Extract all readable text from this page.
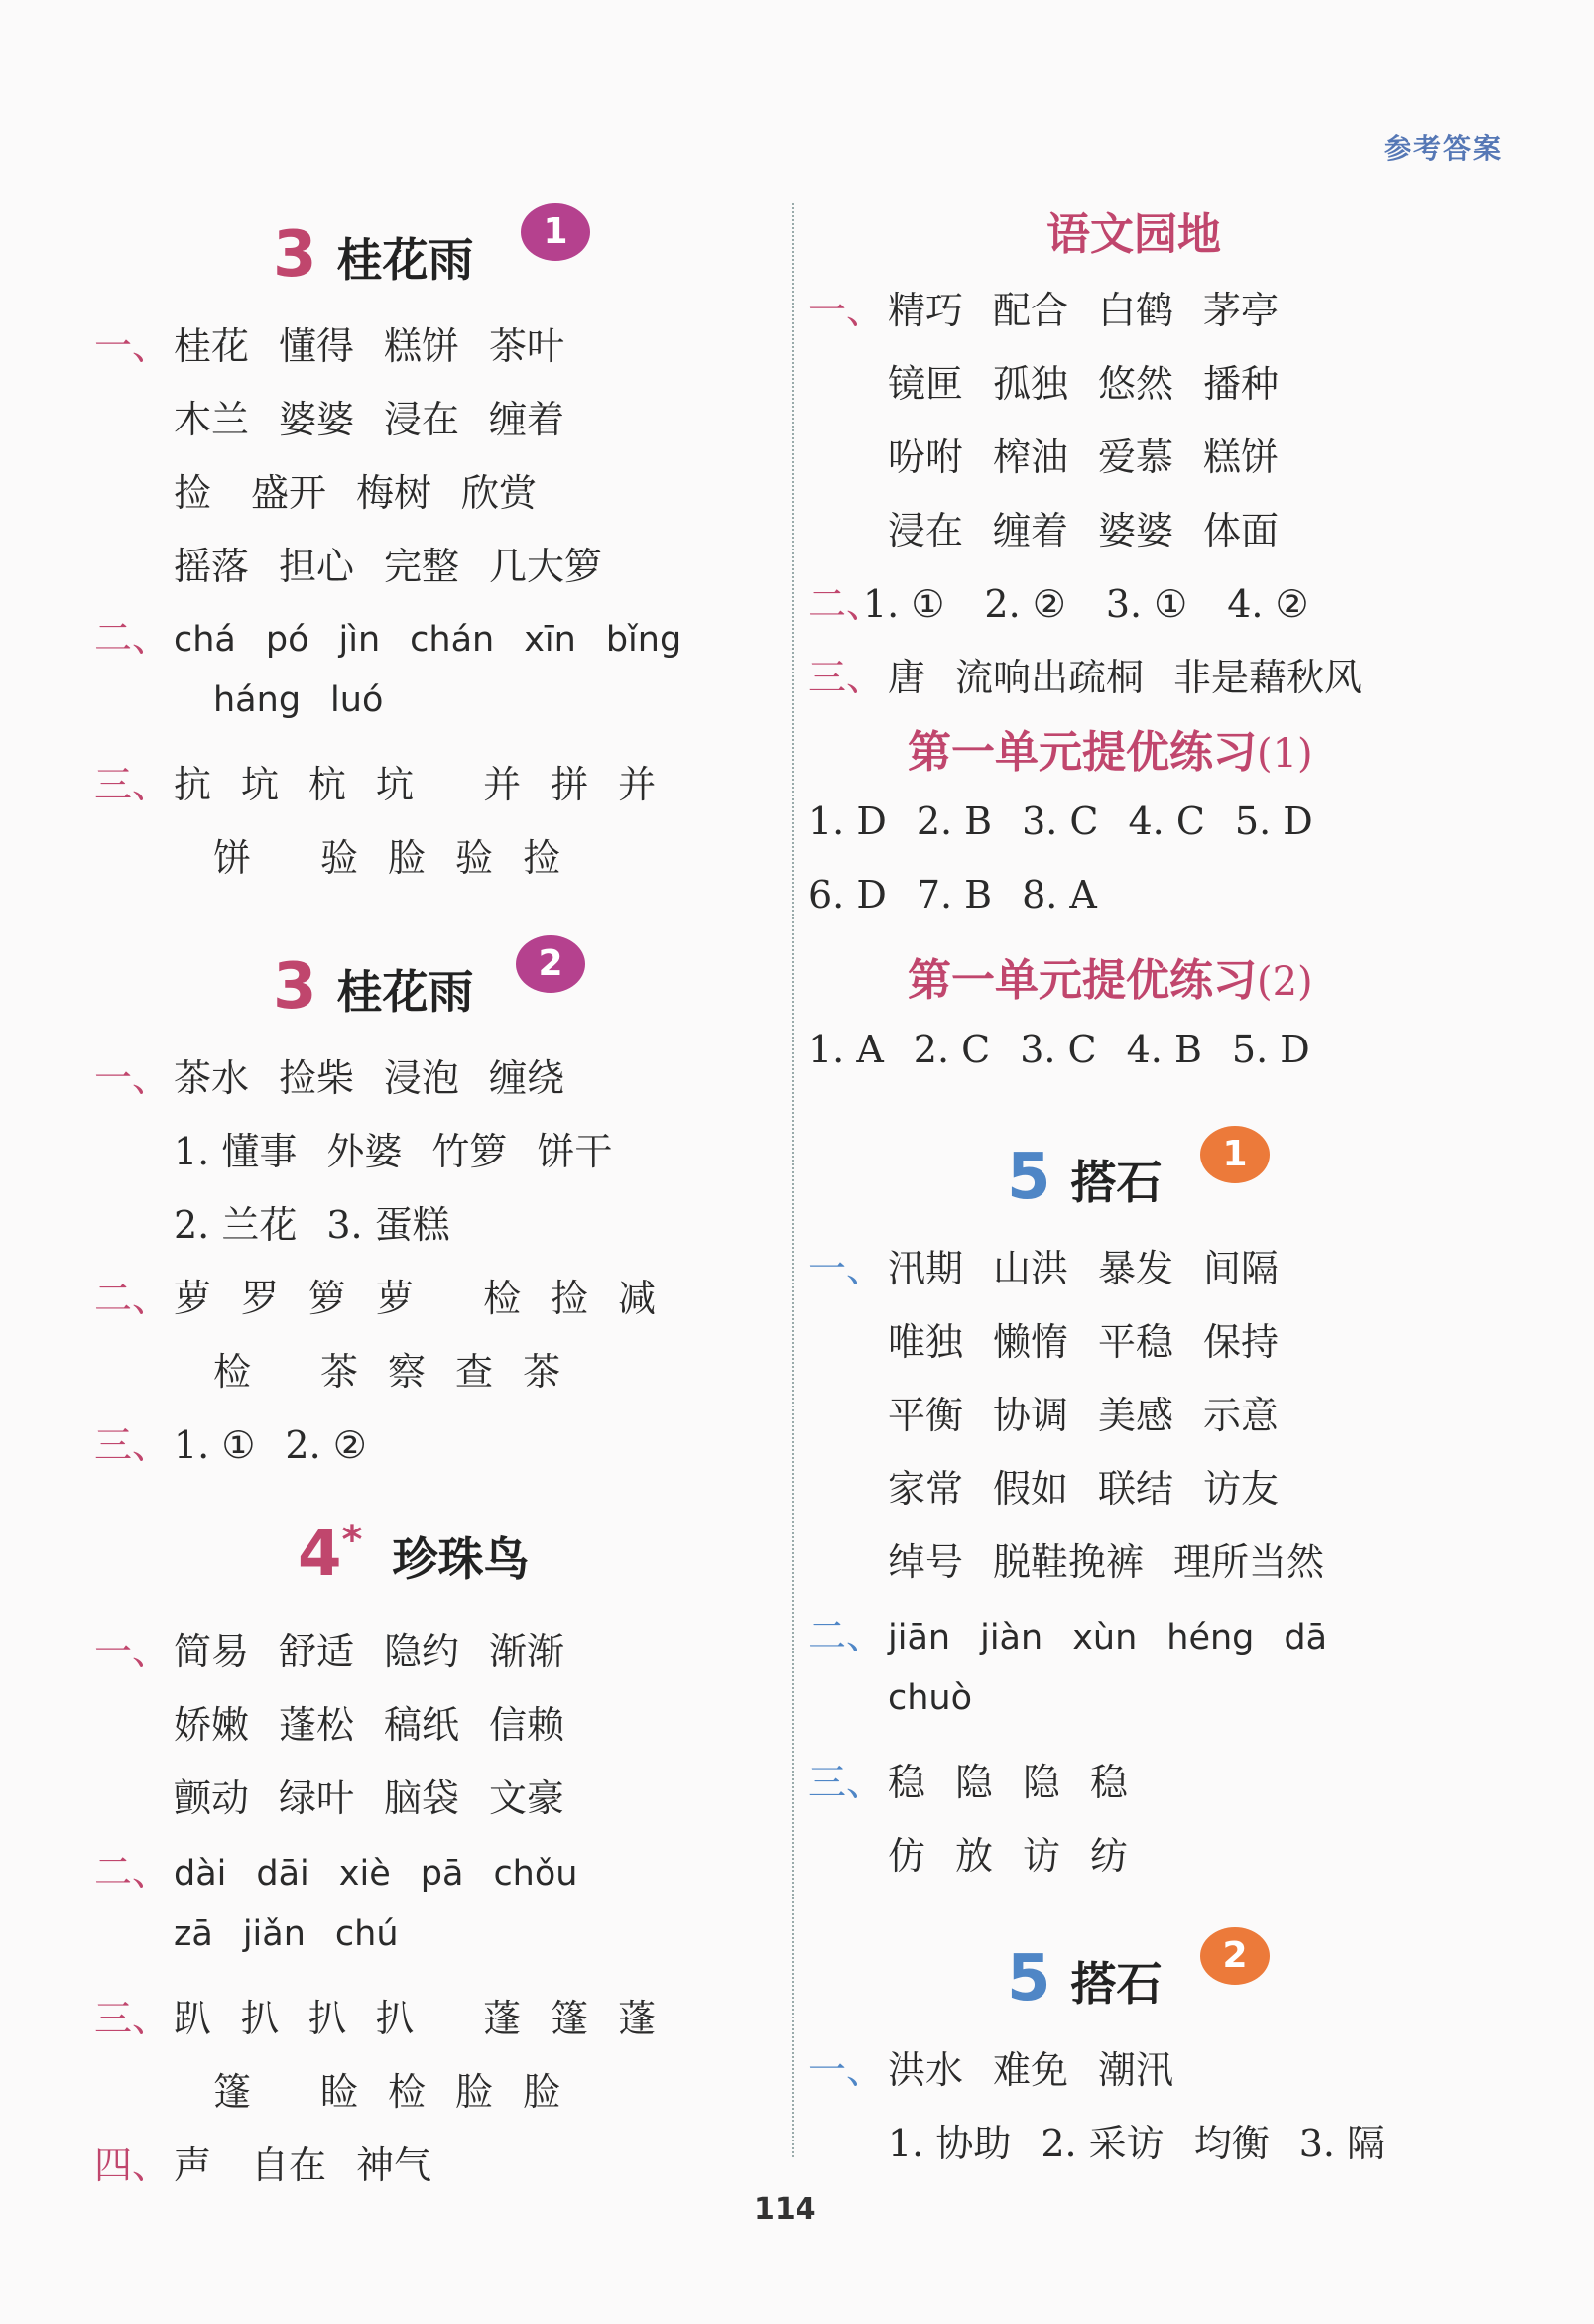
参考答案
3 桂花雨
1
一、 桂花 懂得 糕饼 茶叶
木兰 婆婆 浸在 缠着
捡 盛开 梅树 欣赏
摇落 担心 完整 几大箩
二、 chá pó jìn chán xīn bǐng
háng luó
三、 抗 坑 杭 坑 并 拼 并
饼 验 脸 验 捡
3 桂花雨
2
一、 茶水 捡柴 浸泡 缠绕
1. 懂事 外婆 竹箩 饼干
2. 兰花 3. 蛋糕
二、 萝 罗 箩 萝 检 捡 减
检 茶 察 查 茶
三、 1. ① 2. ②
4* 珍珠鸟
一、 简易 舒适 隐约 渐渐
娇嫩 蓬松 稿纸 信赖
颤动 绿叶 脑袋 文豪
二、 dài dāi xiè pā chǒu
zā jiǎn chú
三、 趴 扒 扒 扒 蓬 篷 蓬
篷 睑 检 脸 脸
四、 声 自在 神气
语文园地
一、 精巧 配合 白鹤 茅亭
镜匣 孤独 悠然 播种
吩咐 榨油 爱慕 糕饼
浸在 缠着 婆婆 体面
二、1. ① 2. ② 3. ① 4. ②
三、 唐 流响出疏桐 非是藉秋风
第一单元提优练习(1)
1. D 2. B 3. C 4. C 5. D
6. D 7. B 8. A
第一单元提优练习(2)
1. A 2. C 3. C 4. B 5. D
5 搭石
1
一、 汛期 山洪 暴发 间隔
唯独 懒惰 平稳 保持
平衡 协调 美感 示意
家常 假如 联结 访友
绰号 脱鞋挽裤 理所当然
二、 jiān jiàn xùn héng dā
chuò
三、 稳 隐 隐 稳
仿 放 访 纺
5 搭石
2
一、 洪水 难免 潮汛
1. 协助 2. 采访 均衡 3. 隔
114
